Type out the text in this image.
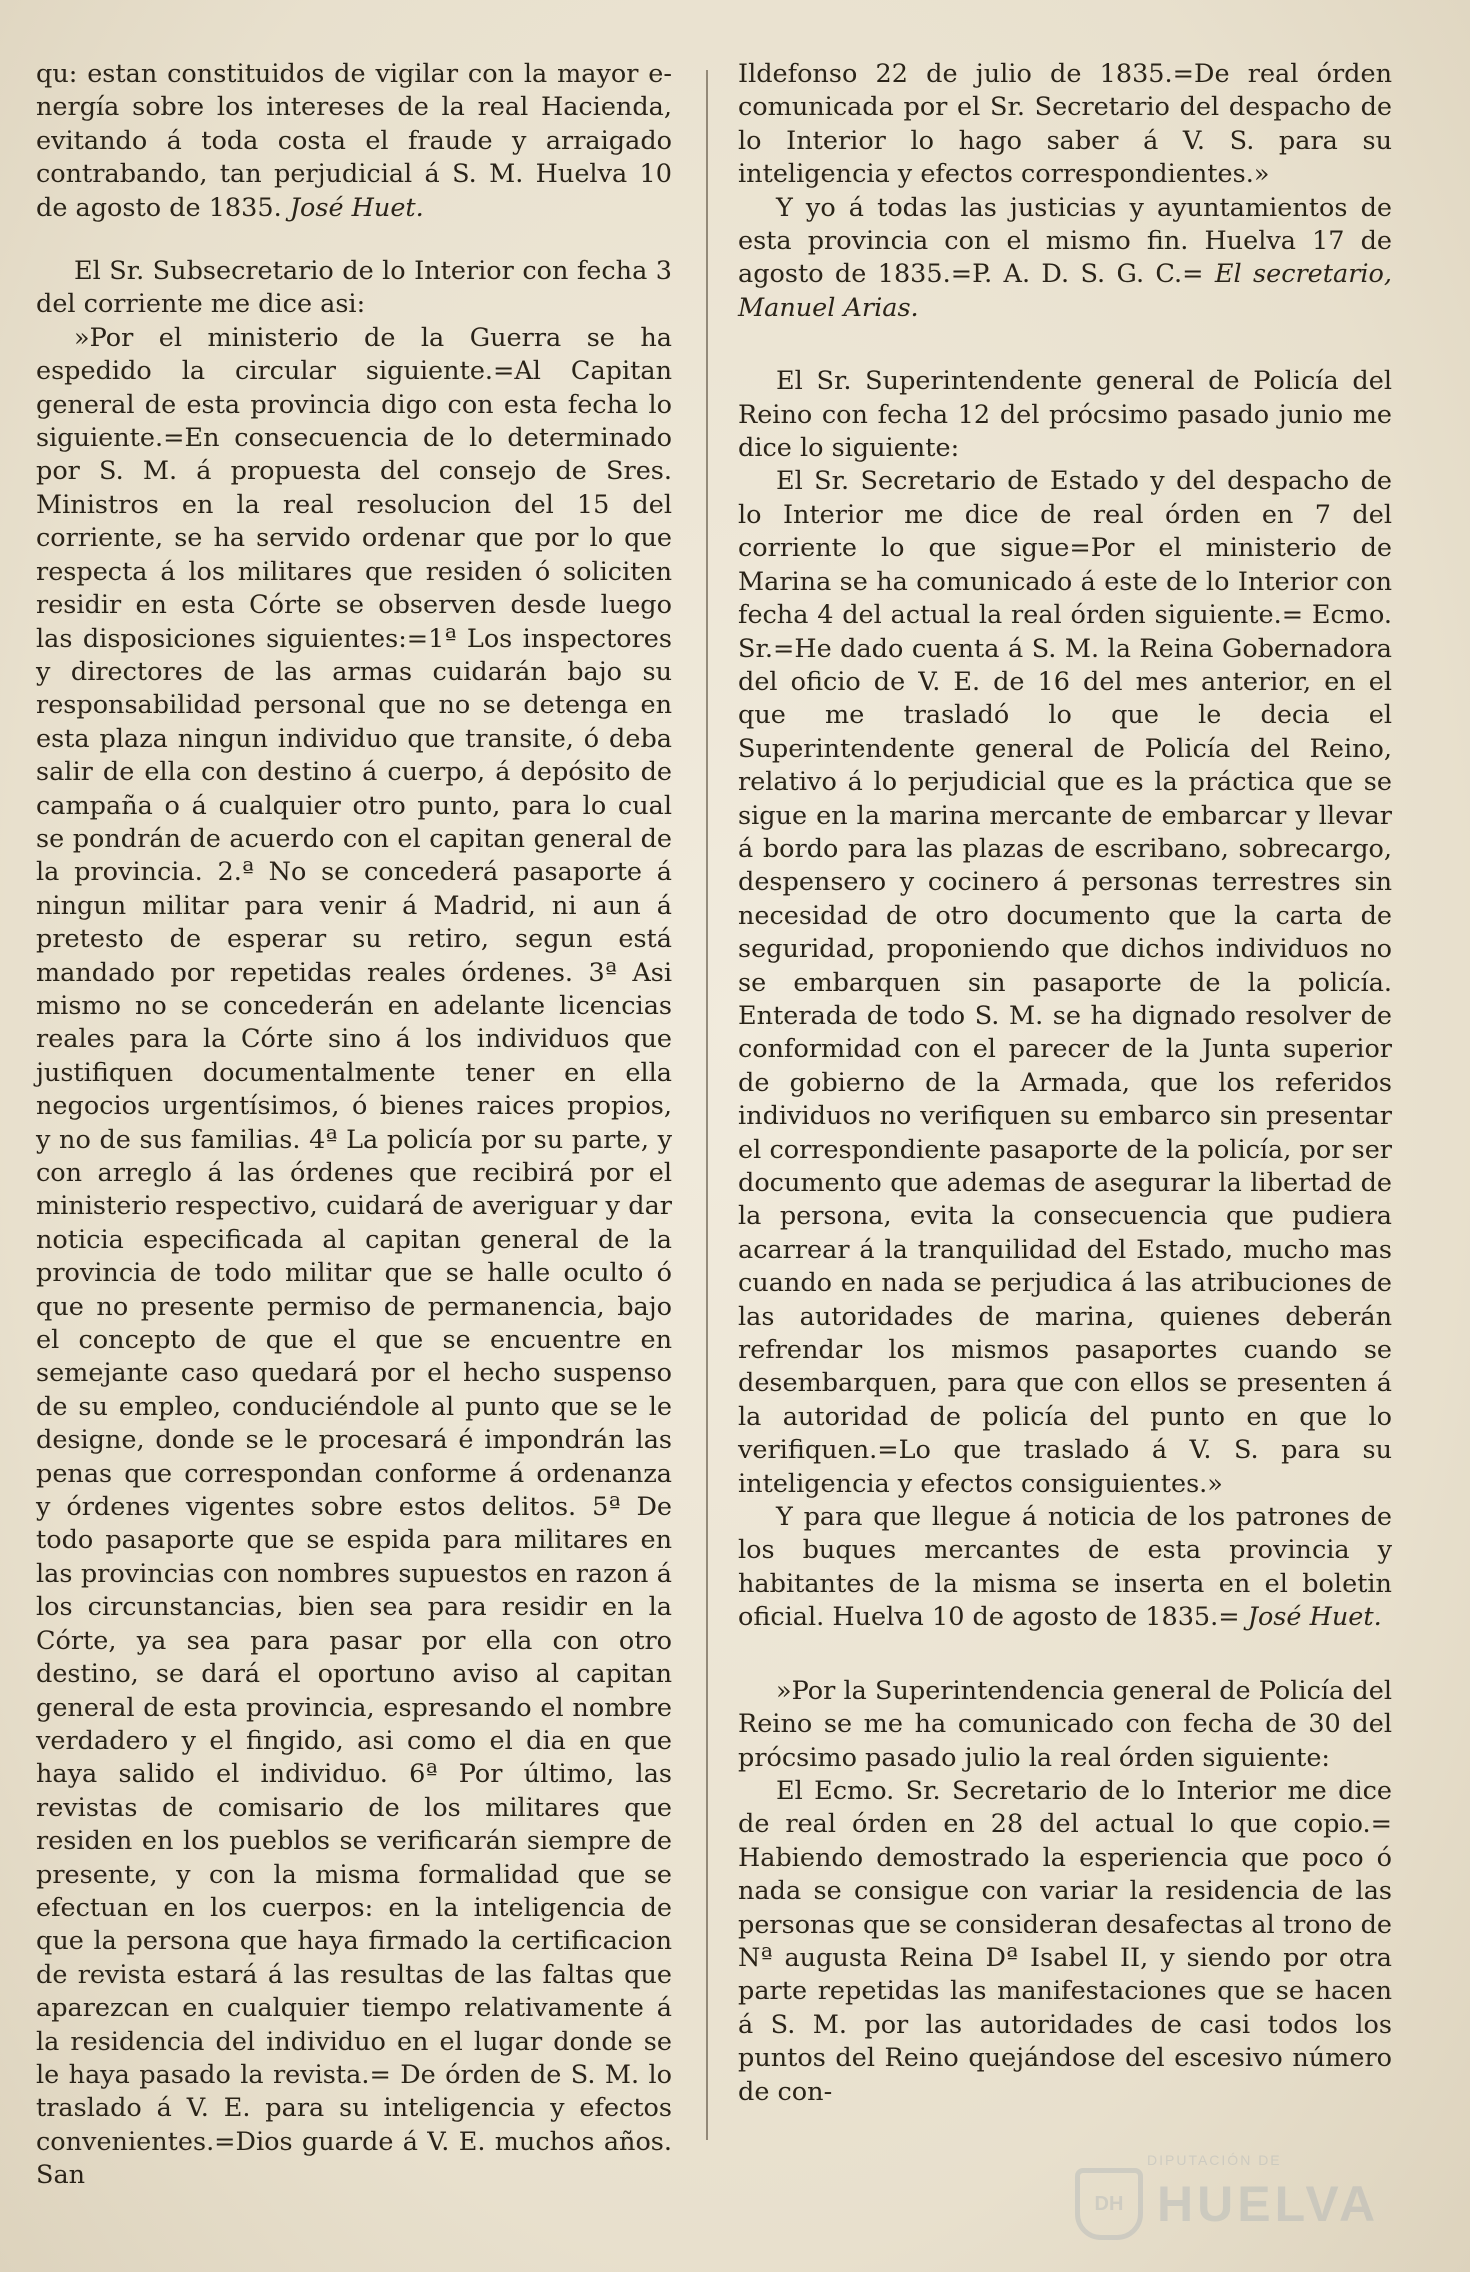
qu: estan constituidos de vigilar con la mayor e-nergía sobre los intereses de la real Hacienda, evitando á toda costa el fraude y arraigado contrabando, tan perjudicial á S. M. Huelva 10 de agosto de 1835. José Huet.

El Sr. Subsecretario de lo Interior con fecha 3 del corriente me dice asi:

»Por el ministerio de la Guerra se ha espedido la circular siguiente.=Al Capitan general de esta provincia digo con esta fecha lo siguiente.=En consecuencia de lo determinado por S. M. á propuesta del consejo de Sres. Ministros en la real resolucion del 15 del corriente, se ha servido ordenar que por lo que respecta á los militares que residen ó soliciten residir en esta Córte se observen desde luego las disposiciones siguientes:=1ª Los inspectores y directores de las armas cuidarán bajo su responsabilidad personal que no se detenga en esta plaza ningun individuo que transite, ó deba salir de ella con destino á cuerpo, á depósito de campaña o á cualquier otro punto, para lo cual se pondrán de acuerdo con el capitan general de la provincia. 2.ª No se concederá pasaporte á ningun militar para venir á Madrid, ni aun á pretesto de esperar su retiro, segun está mandado por repetidas reales órdenes. 3ª Asi mismo no se concederán en adelante licencias reales para la Córte sino á los individuos que justifiquen documentalmente tener en ella negocios urgentísimos, ó bienes raices propios, y no de sus familias. 4ª La policía por su parte, y con arreglo á las órdenes que recibirá por el ministerio respectivo, cuidará de averiguar y dar noticia especificada al capitan general de la provincia de todo militar que se halle oculto ó que no presente permiso de permanencia, bajo el concepto de que el que se encuentre en semejante caso quedará por el hecho suspenso de su empleo, conduciéndole al punto que se le designe, donde se le procesará é impondrán las penas que correspondan conforme á ordenanza y órdenes vigentes sobre estos delitos. 5ª De todo pasaporte que se espida para militares en las provincias con nombres supuestos en razon á los circunstancias, bien sea para residir en la Córte, ya sea para pasar por ella con otro destino, se dará el oportuno aviso al capitan general de esta provincia, espresando el nombre verdadero y el fingido, asi como el dia en que haya salido el individuo. 6ª Por último, las revistas de comisario de los militares que residen en los pueblos se verificarán siempre de presente, y con la misma formalidad que se efectuan en los cuerpos: en la inteligencia de que la persona que haya firmado la certificacion de revista estará á las resultas de las faltas que aparezcan en cualquier tiempo relativamente á la residencia del individuo en el lugar donde se le haya pasado la revista.= De órden de S. M. lo traslado á V. E. para su inteligencia y efectos convenientes.=Dios guarde á V. E. muchos años. San

Ildefonso 22 de julio de 1835.=De real órden comunicada por el Sr. Secretario del despacho de lo Interior lo hago saber á V. S. para su inteligencia y efectos correspondientes.»

Y yo á todas las justicias y ayuntamientos de esta provincia con el mismo fin. Huelva 17 de agosto de 1835.=P. A. D. S. G. C.= El secretario, Manuel Arias.

El Sr. Superintendente general de Policía del Reino con fecha 12 del prócsimo pasado junio me dice lo siguiente:

El Sr. Secretario de Estado y del despacho de lo Interior me dice de real órden en 7 del corriente lo que sigue=Por el ministerio de Marina se ha comunicado á este de lo Interior con fecha 4 del actual la real órden siguiente.= Ecmo. Sr.=He dado cuenta á S. M. la Reina Gobernadora del oficio de V. E. de 16 del mes anterior, en el que me trasladó lo que le decia el Superintendente general de Policía del Reino, relativo á lo perjudicial que es la práctica que se sigue en la marina mercante de embarcar y llevar á bordo para las plazas de escribano, sobrecargo, despensero y cocinero á personas terrestres sin necesidad de otro documento que la carta de seguridad, proponiendo que dichos individuos no se embarquen sin pasaporte de la policía. Enterada de todo S. M. se ha dignado resolver de conformidad con el parecer de la Junta superior de gobierno de la Armada, que los referidos individuos no verifiquen su embarco sin presentar el correspondiente pasaporte de la policía, por ser documento que ademas de asegurar la libertad de la persona, evita la consecuencia que pudiera acarrear á la tranquilidad del Estado, mucho mas cuando en nada se perjudica á las atribuciones de las autoridades de marina, quienes deberán refrendar los mismos pasaportes cuando se desembarquen, para que con ellos se presenten á la autoridad de policía del punto en que lo verifiquen.=Lo que traslado á V. S. para su inteligencia y efectos consiguientes.»

Y para que llegue á noticia de los patrones de los buques mercantes de esta provincia y habitantes de la misma se inserta en el boletin oficial. Huelva 10 de agosto de 1835.= José Huet.

»Por la Superintendencia general de Policía del Reino se me ha comunicado con fecha de 30 del prócsimo pasado julio la real órden siguiente:

El Ecmo. Sr. Secretario de lo Interior me dice de real órden en 28 del actual lo que copio.= Habiendo demostrado la esperiencia que poco ó nada se consigue con variar la residencia de las personas que se consideran desafectas al trono de Nª augusta Reina Dª Isabel II, y siendo por otra parte repetidas las manifestaciones que se hacen á S. M. por las autoridades de casi todos los puntos del Reino quejándose del escesivo número de con-

DH
DIPUTACIÓN DE
HUELVA
